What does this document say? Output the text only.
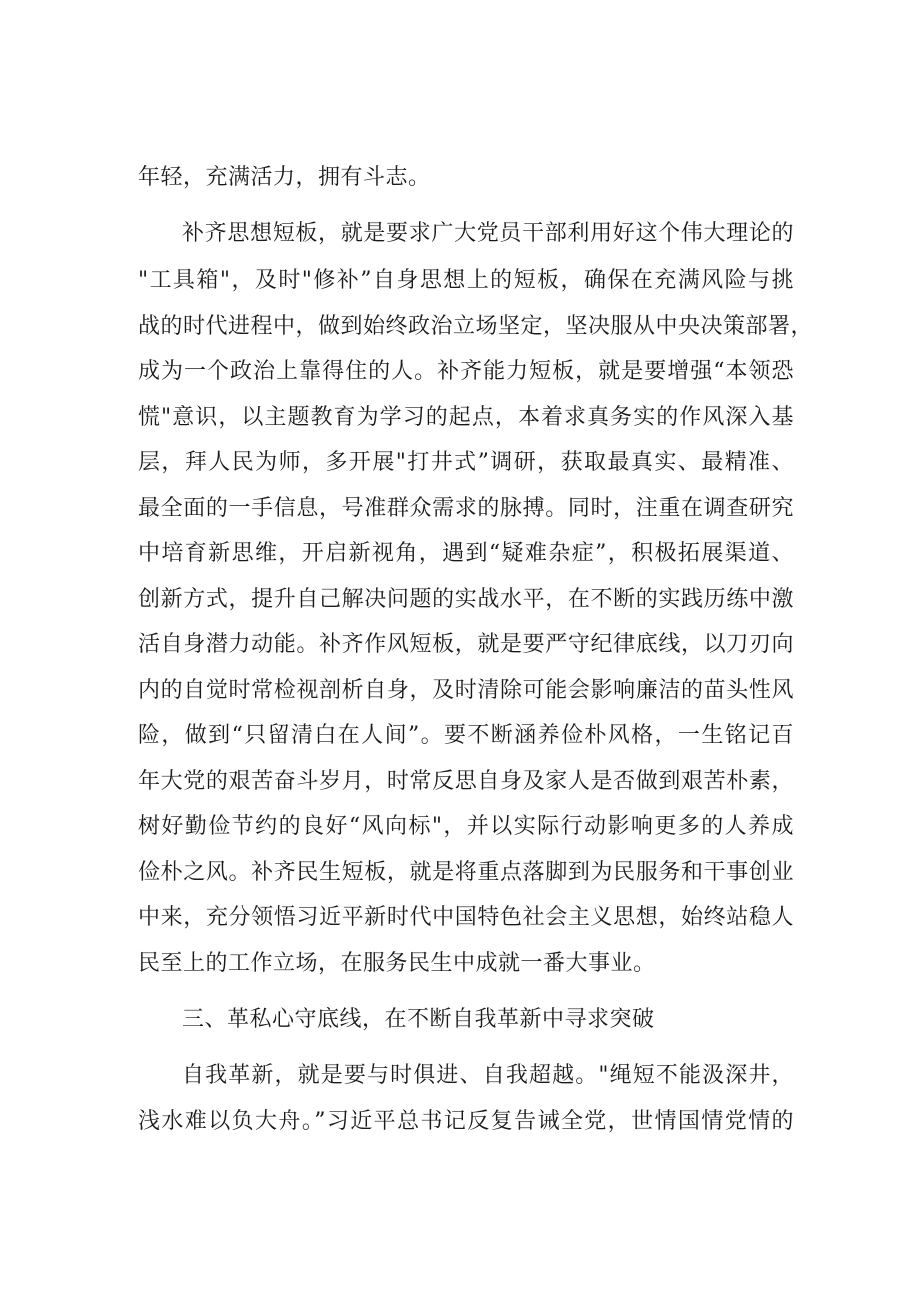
年轻，充满活力，拥有斗志。
补齐思想短板，就是要求广大党员干部利用好这个伟大理论的
"工具箱"，及时"修补”自身思想上的短板，确保在充满风险与挑
战的时代进程中，做到始终政治立场坚定，坚决服从中央决策部署，
成为一个政治上靠得住的人。补齐能力短板，就是要增强“本领恐
慌"意识，以主题教育为学习的起点，本着求真务实的作风深入基
层，拜人民为师，多开展"打井式”调研，获取最真实、最精准、
最全面的一手信息，号准群众需求的脉搏。同时，注重在调查研究
中培育新思维，开启新视角，遇到“疑难杂症”，积极拓展渠道、
创新方式，提升自己解决问题的实战水平，在不断的实践历练中激
活自身潜力动能。补齐作风短板，就是要严守纪律底线，以刀刃向
内的自觉时常检视剖析自身，及时清除可能会影响廉洁的苗头性风
险，做到“只留清白在人间”。要不断涵养俭朴风格，一生铭记百
年大党的艰苦奋斗岁月，时常反思自身及家人是否做到艰苦朴素，
树好勤俭节约的良好“风向标"，并以实际行动影响更多的人养成
俭朴之风。补齐民生短板，就是将重点落脚到为民服务和干事创业
中来，充分领悟习近平新时代中国特色社会主义思想，始终站稳人
民至上的工作立场，在服务民生中成就一番大事业。
三、革私心守底线，在不断自我革新中寻求突破
自我革新，就是要与时俱进、自我超越。"绳短不能汲深井，
浅水难以负大舟。”习近平总书记反复告诫全党，世情国情党情的
